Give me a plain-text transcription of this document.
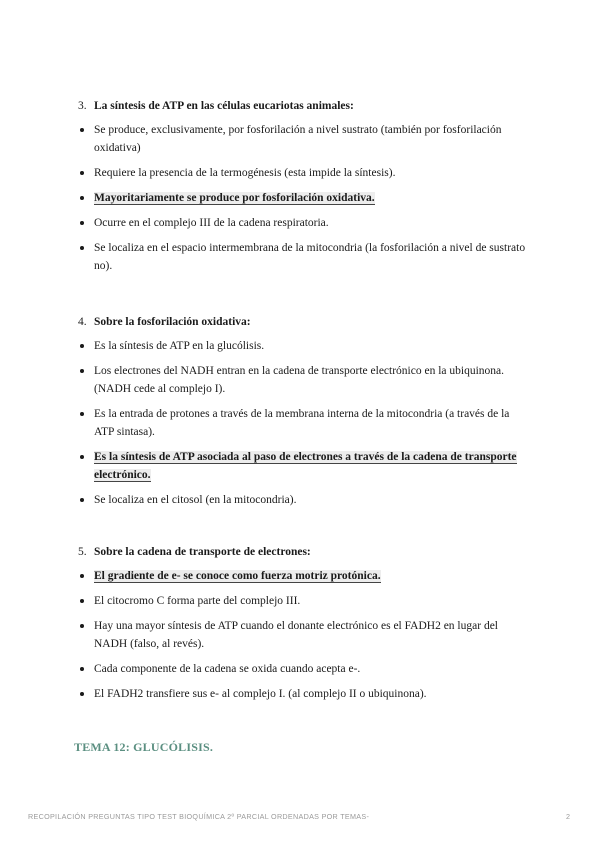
3. La síntesis de ATP en las células eucariotas animales:
Se produce, exclusivamente, por fosforilación a nivel sustrato (también por fosforilación oxidativa)
Requiere la presencia de la termogénesis (esta impide la síntesis).
Mayoritariamente se produce por fosforilación oxidativa.
Ocurre en el complejo III de la cadena respiratoria.
Se localiza en el espacio intermembrana de la mitocondria (la fosforilación a nivel de sustrato no).
4. Sobre la fosforilación oxidativa:
Es la síntesis de ATP en la glucólisis.
Los electrones del NADH entran en la cadena de transporte electrónico en la ubiquinona. (NADH cede al complejo I).
Es la entrada de protones a través de la membrana interna de la mitocondria (a través de la ATP sintasa).
Es la síntesis de ATP asociada al paso de electrones a través de la cadena de transporte electrónico.
Se localiza en el citosol (en la mitocondria).
5. Sobre la cadena de transporte de electrones:
El gradiente de e- se conoce como fuerza motriz protónica.
El citocromo C forma parte del complejo III.
Hay una mayor síntesis de ATP cuando el donante electrónico es el FADH2 en lugar del NADH (falso, al revés).
Cada componente de la cadena se oxida cuando acepta e-.
El FADH2 transfiere sus e- al complejo I. (al complejo II o ubiquinona).
TEMA 12: GLUCÓLISIS.
RECOPILACIÓN PREGUNTAS TIPO TEST BIOQUÍMICA 2º PARCIAL ORDENADAS POR TEMAS-	2
